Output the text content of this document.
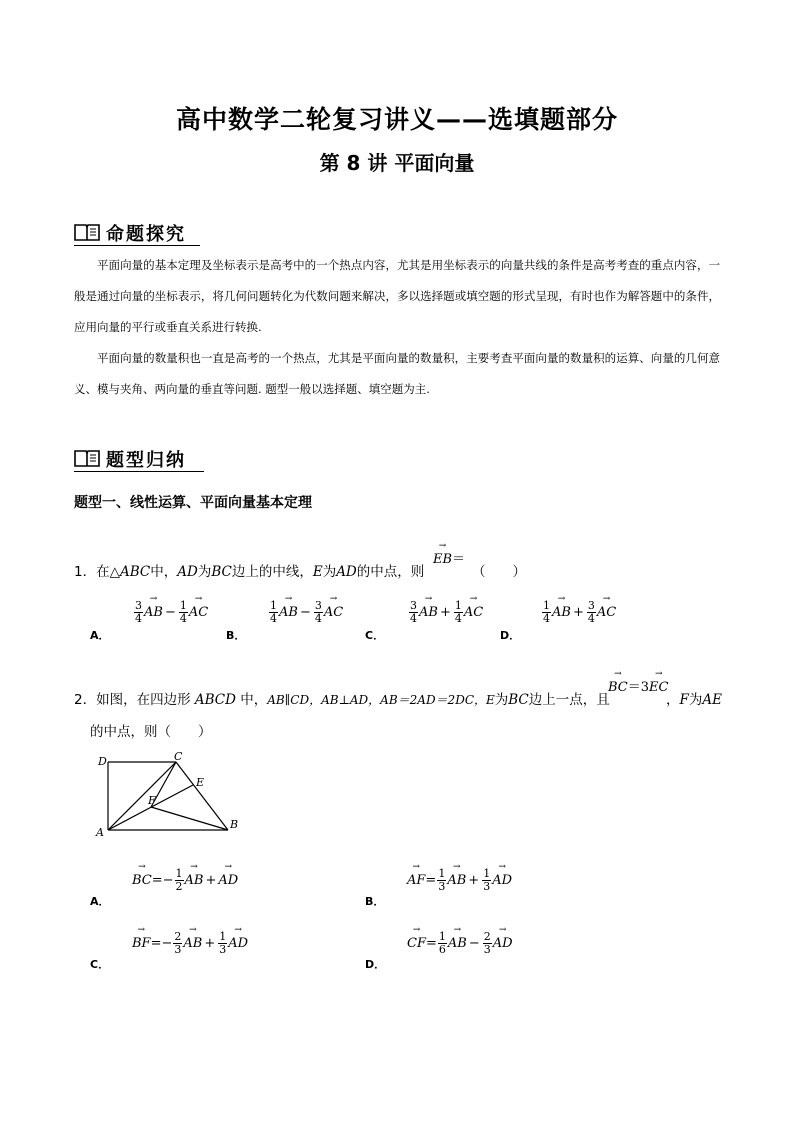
高中数学二轮复习讲义——选填题部分
第 8 讲 平面向量
命题探究
平面向量的基本定理及坐标表示是高考中的一个热点内容，尤其是用坐标表示的向量共线的条件是高考考查的重点内容，一般是通过向量的坐标表示，将几何问题转化为代数问题来解决，多以选择题或填空题的形式呈现，有时也作为解答题中的条件，应用向量的平行或垂直关系进行转换.
平面向量的数量积也一直是高考的一个热点，尤其是平面向量的数量积，主要考查平面向量的数量积的运算、向量的几何意义、模与夹角、两向量的垂直等问题. 题型一般以选择题、填空题为主.
题型归纳
题型一、线性运算、平面向量基本定理
1．在△ABC中，AD为BC边上的中线，E为AD的中点，则
→ EB＝
（　　）
A．
$\frac{3}{4}$ → AB − $\frac{1}{4}$ → AC
B．
$\frac{1}{4}$ → AB − $\frac{3}{4}$ → AC
C．
$\frac{3}{4}$ → AB + $\frac{1}{4}$ → AC
D．
$\frac{1}{4}$ → AB + $\frac{3}{4}$ → AC
2．如图，在四边形 ABCD 中，AB∥CD，AB⊥AD，AB＝2AD＝2DC，E为BC边上一点，且
→ BC＝3→ EC
，F为AE
的中点，则（　　）
A
B
C
D
E
F
A．
→ BC =− $\frac{1}{2}$ → AB + → AD
B．
→ AF = $\frac{1}{3}$ → AB + $\frac{1}{3}$ → AD
C．
→ BF =− $\frac{2}{3}$ → AB + $\frac{1}{3}$ → AD
D．
→ CF = $\frac{1}{6}$ → AB − $\frac{2}{3}$ → AD
